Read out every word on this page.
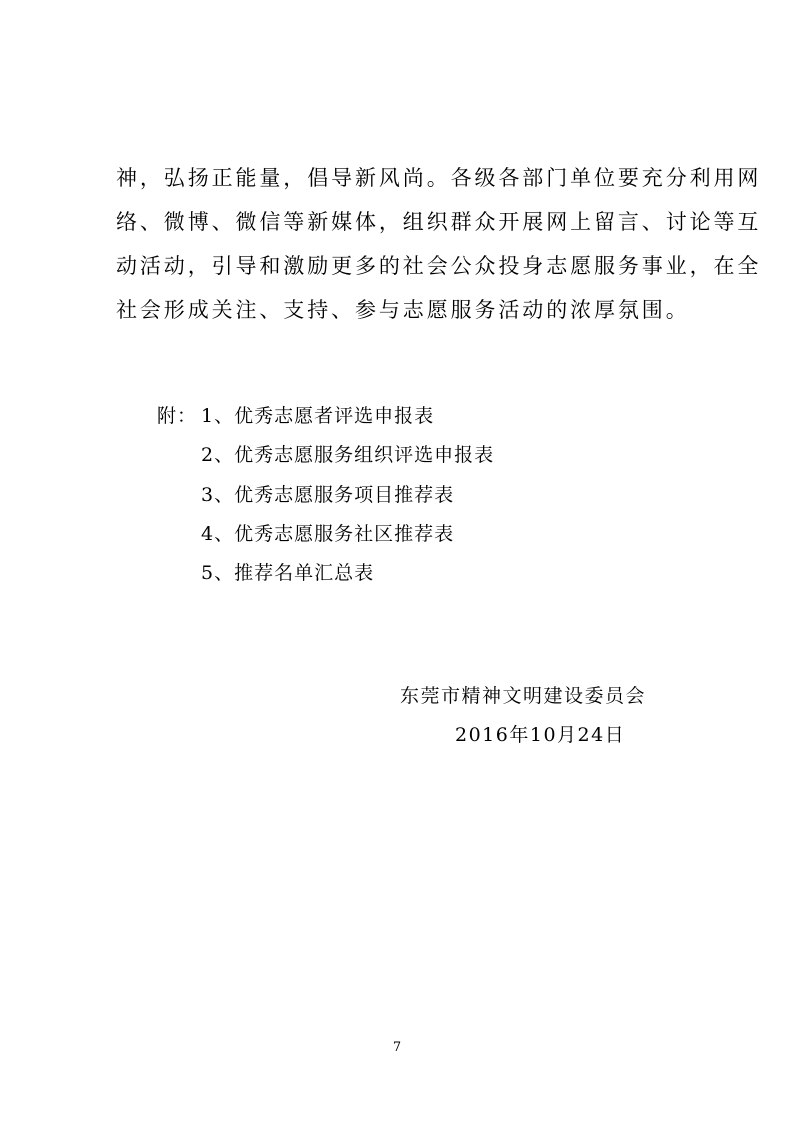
神，弘扬正能量，倡导新风尚。各级各部门单位要充分利用网
络、微博、微信等新媒体，组织群众开展网上留言、讨论等互
动活动，引导和激励更多的社会公众投身志愿服务事业，在全
社会形成关注、支持、参与志愿服务活动的浓厚氛围。
附： 1、优秀志愿者评选申报表
2、优秀志愿服务组织评选申报表
3、优秀志愿服务项目推荐表
4、优秀志愿服务社区推荐表
5、推荐名单汇总表
东莞市精神文明建设委员会
2016年10月24日
7
